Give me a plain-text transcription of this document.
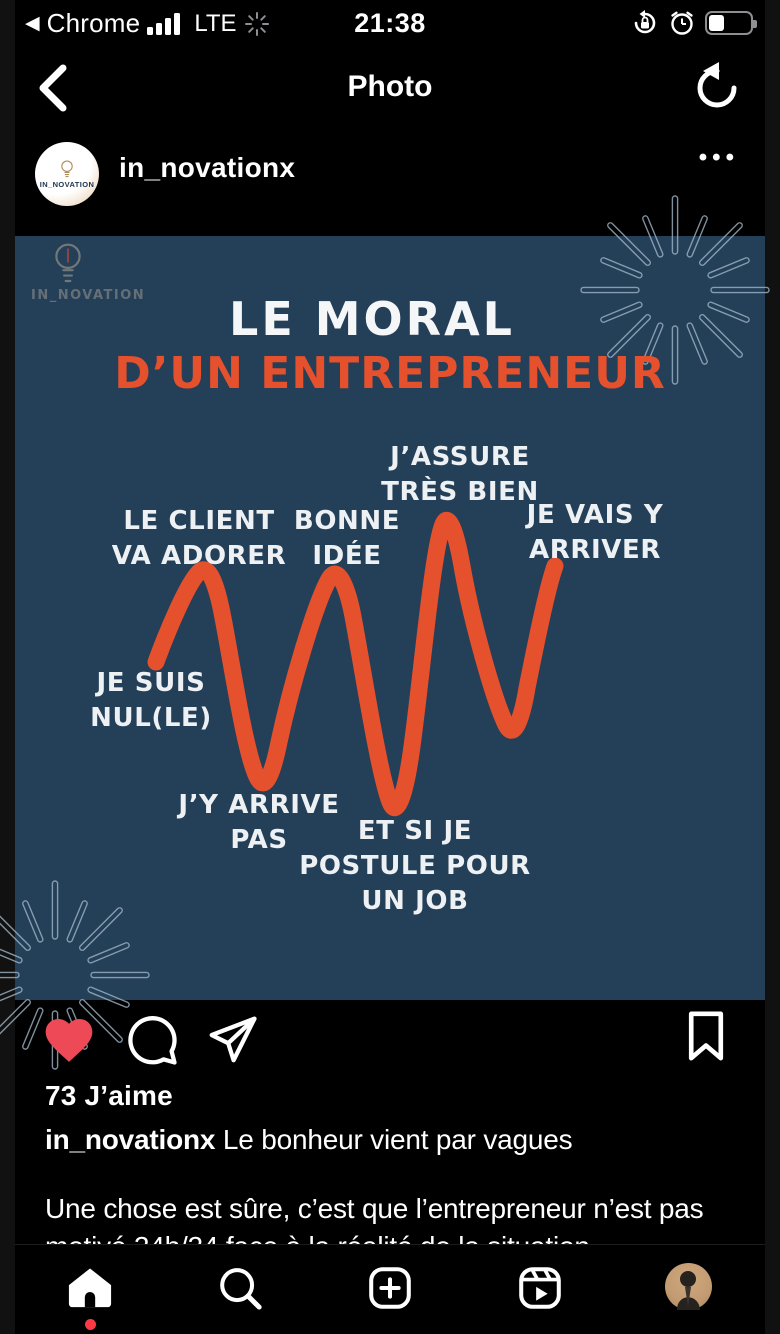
◀ Chrome LTE	21:38
Photo
IN_NOVATION
in_novationx	•••
IN_NOVATION	LE MORAL
D’UN ENTREPRENEUR
J’ASSURE
TRÈS BIEN
JE VAIS Y
ARRIVER
LE CLIENT
VA ADORER
BONNE
IDÉE
JE SUIS
NUL(LE)
J’Y ARRIVE
PAS	ET SI JE
POSTULE POUR
UN JOB
73 J’aime
in_novationx Le bonheur vient par vagues
Une chose est sûre, c’est que l’entrepreneur n’est pas
